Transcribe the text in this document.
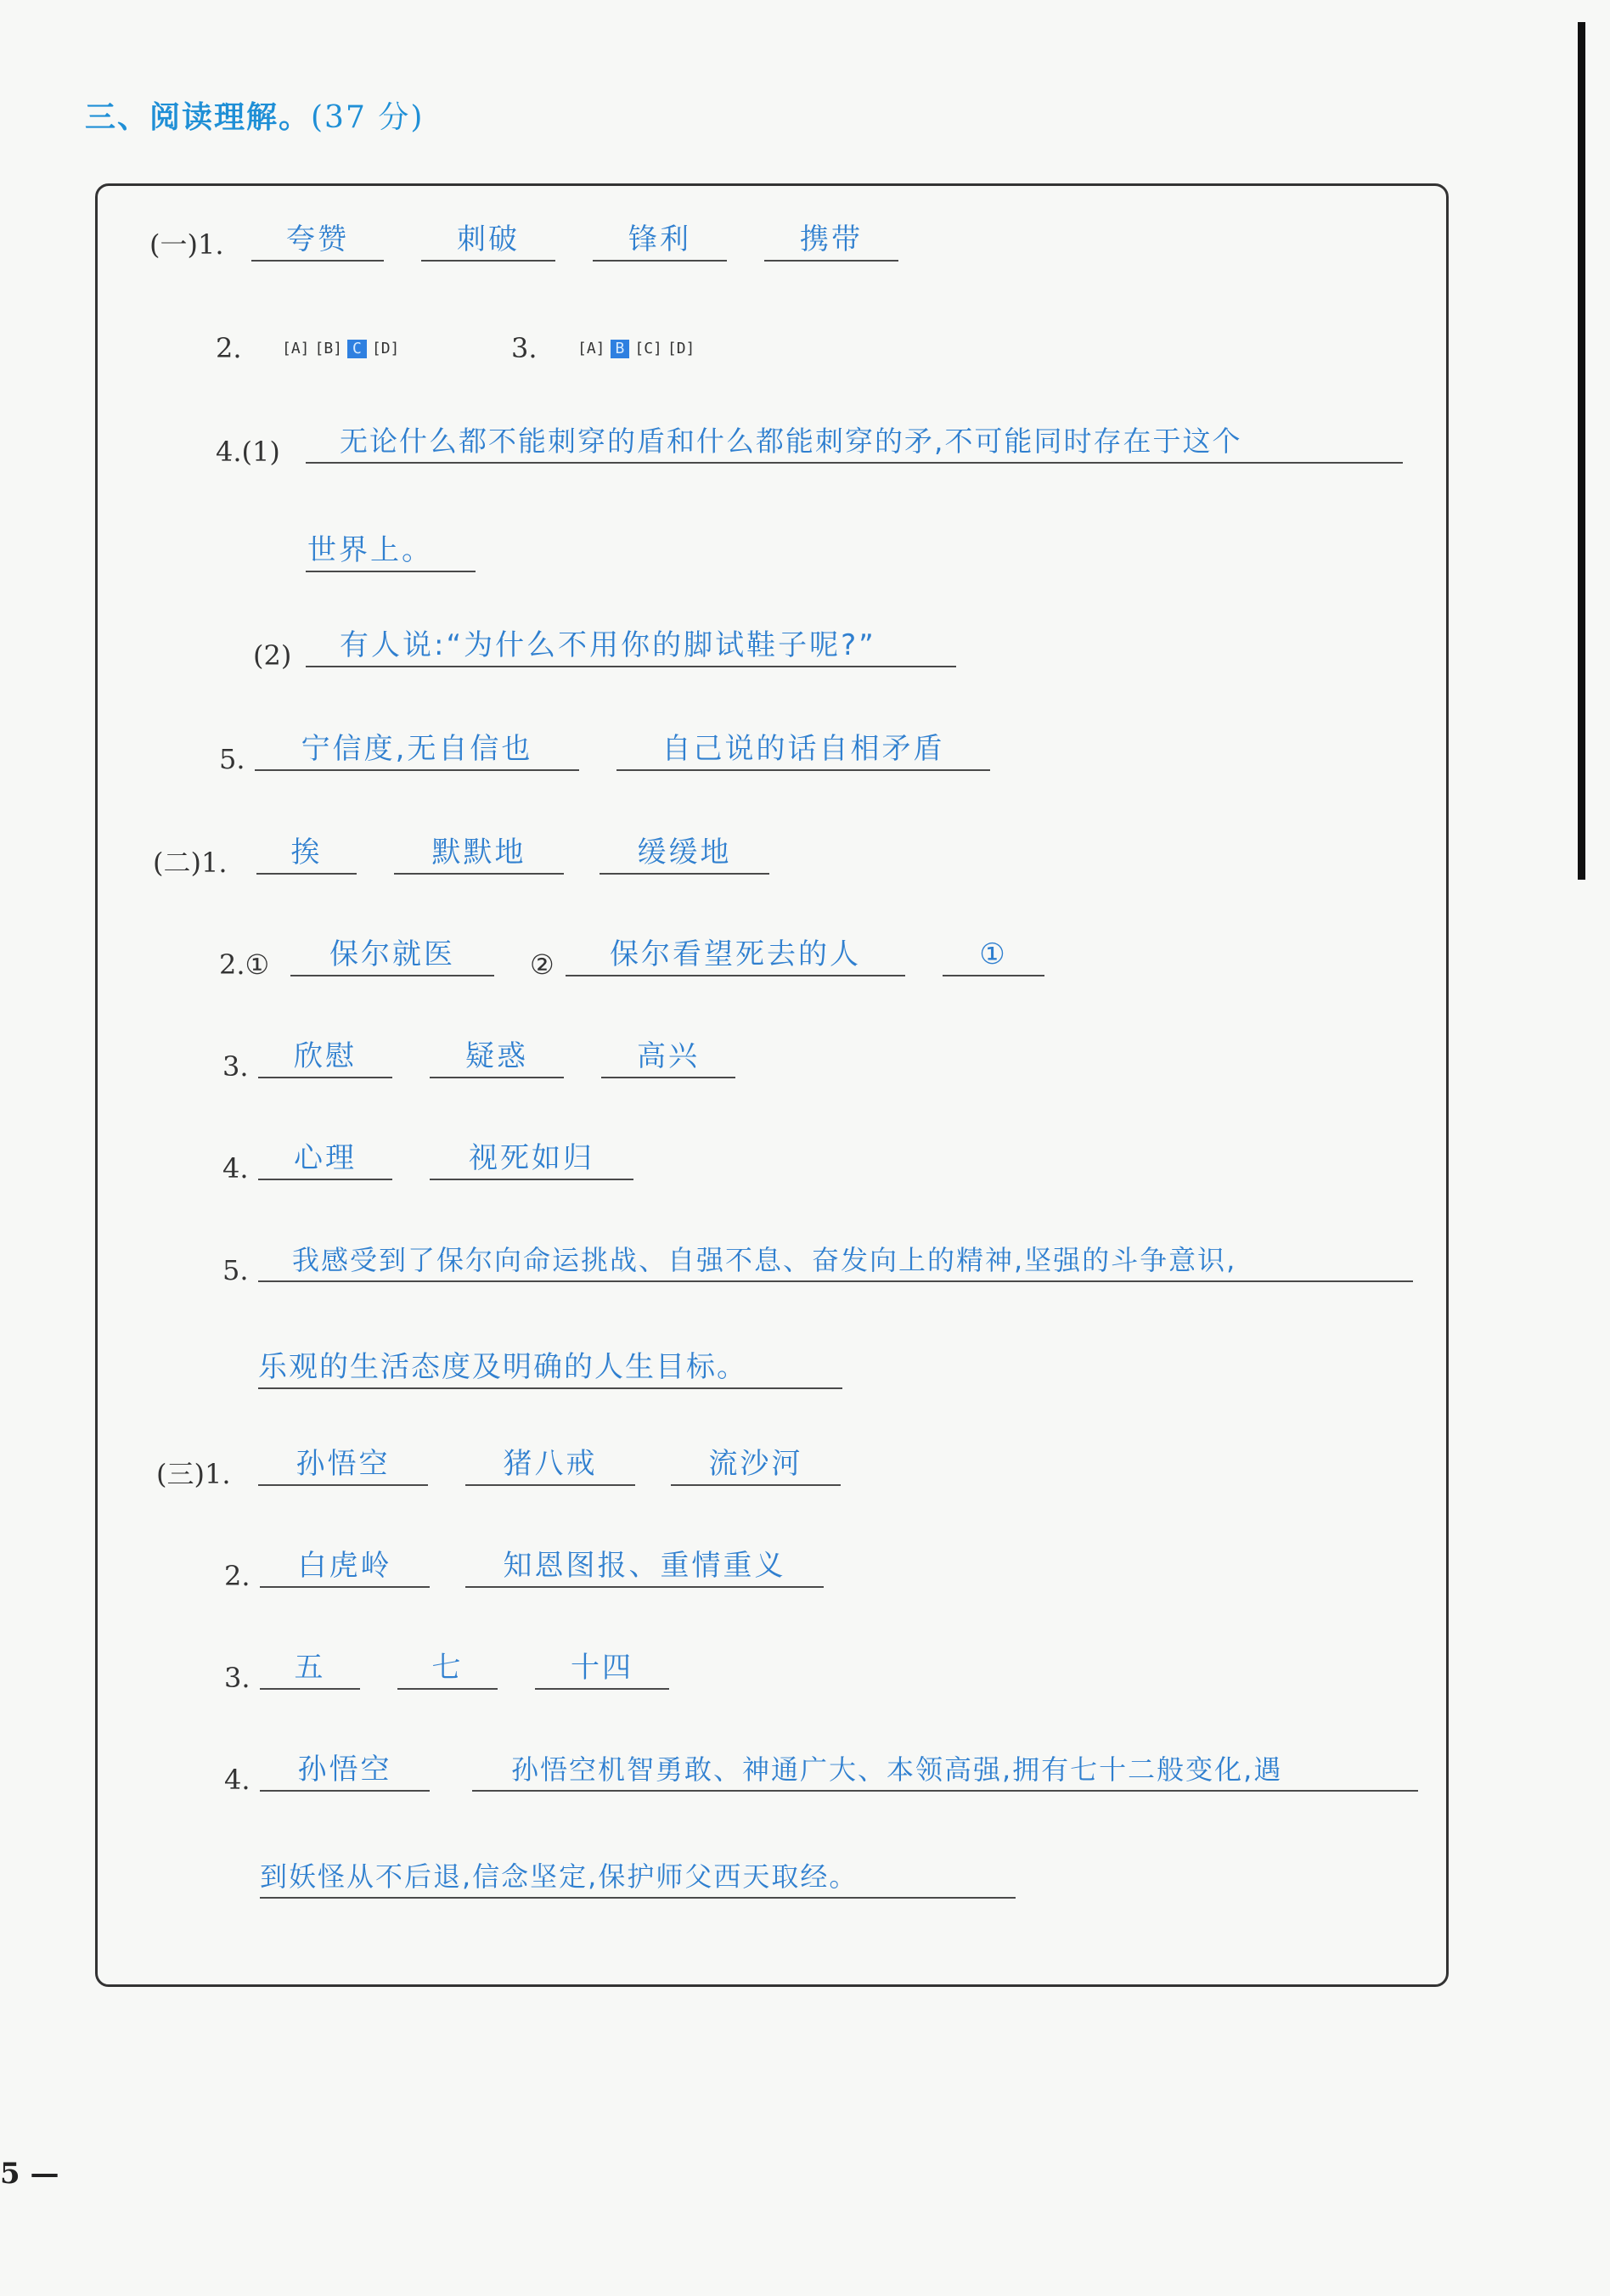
三、阅读理解。(37 分)
(一)1.	夸赞	刺破	锋利	携带
2.	[A] [B] C [D]	3.	[A] B [C] [D]
4.(1)	无论什么都不能刺穿的盾和什么都能刺穿的矛,不可能同时存在于这个
世界上。
(2)	有人说:“为什么不用你的脚试鞋子呢?”
5.	宁信度,无自信也	自己说的话自相矛盾
(二)1.	挨	默默地	缓缓地
2.①	保尔就医	②	保尔看望死去的人	①
3.	欣慰	疑惑	高兴
4.	心理	视死如归
5.	我感受到了保尔向命运挑战、自强不息、奋发向上的精神,坚强的斗争意识,
乐观的生活态度及明确的人生目标。
(三)1.	孙悟空	猪八戒	流沙河
2.	白虎岭	知恩图报、重情重义
3.	五	七	十四
4.	孙悟空	孙悟空机智勇敢、神通广大、本领高强,拥有七十二般变化,遇
到妖怪从不后退,信念坚定,保护师父西天取经。
5 —
